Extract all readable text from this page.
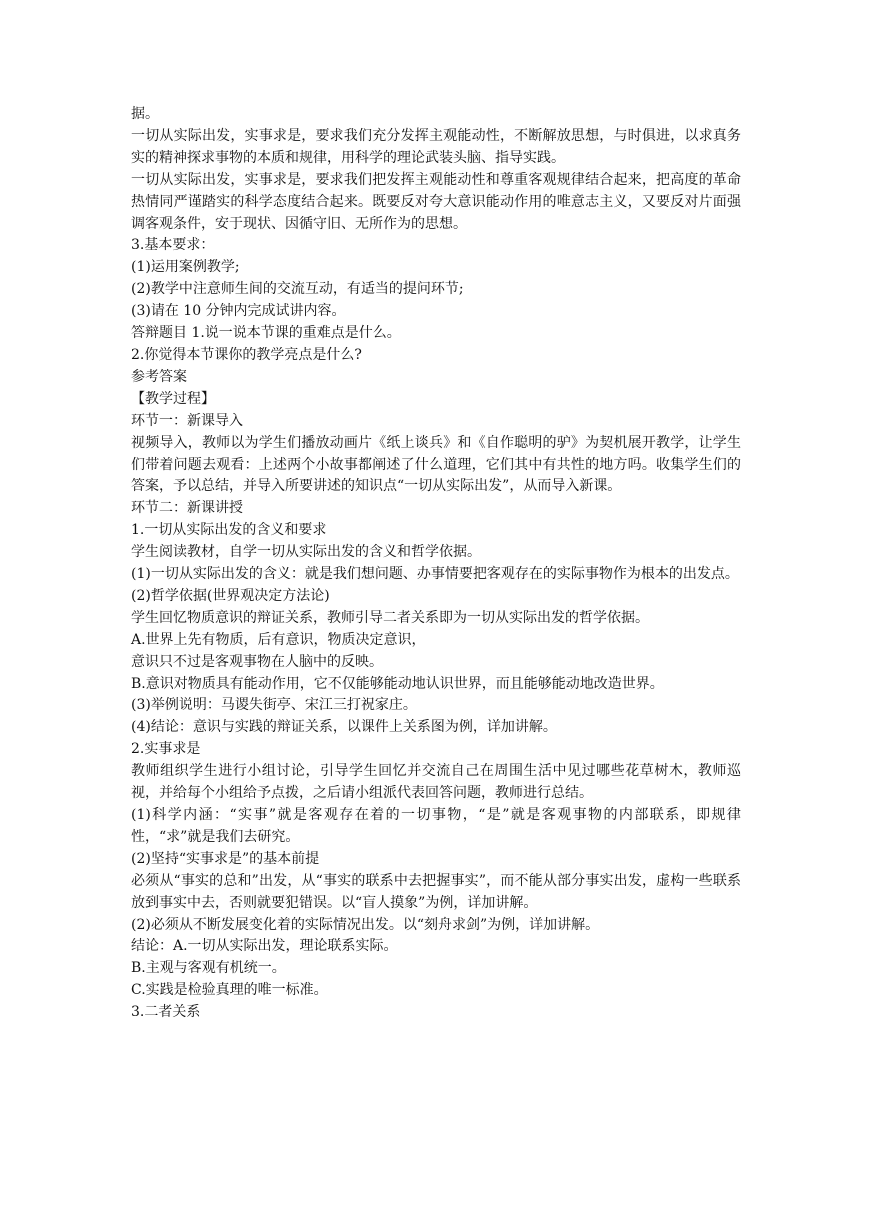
据。

一切从实际出发，实事求是，要求我们充分发挥主观能动性，不断解放思想，与时俱进，以求真务实的精神探求事物的本质和规律，用科学的理论武装头脑、指导实践。

一切从实际出发，实事求是，要求我们把发挥主观能动性和尊重客观规律结合起来，把高度的革命热情同严谨踏实的科学态度结合起来。既要反对夸大意识能动作用的唯意志主义，又要反对片面强调客观条件，安于现状、因循守旧、无所作为的思想。

3.基本要求：

(1)运用案例教学;

(2)教学中注意师生间的交流互动，有适当的提问环节;

(3)请在 10 分钟内完成试讲内容。

答辩题目 1.说一说本节课的重难点是什么。

2.你觉得本节课你的教学亮点是什么?

参考答案

【教学过程】

环节一：新课导入

视频导入，教师以为学生们播放动画片《纸上谈兵》和《自作聪明的驴》为契机展开教学，让学生们带着问题去观看：上述两个小故事都阐述了什么道理，它们其中有共性的地方吗。收集学生们的答案，予以总结，并导入所要讲述的知识点“一切从实际出发”，从而导入新课。

环节二：新课讲授

1.一切从实际出发的含义和要求

学生阅读教材，自学一切从实际出发的含义和哲学依据。

(1)一切从实际出发的含义：就是我们想问题、办事情要把客观存在的实际事物作为根本的出发点。

(2)哲学依据(世界观决定方法论)

学生回忆物质意识的辩证关系，教师引导二者关系即为一切从实际出发的哲学依据。

A.世界上先有物质，后有意识，物质决定意识，

意识只不过是客观事物在人脑中的反映。

B.意识对物质具有能动作用，它不仅能够能动地认识世界，而且能够能动地改造世界。

(3)举例说明：马谡失街亭、宋江三打祝家庄。

(4)结论：意识与实践的辩证关系，以课件上关系图为例，详加讲解。

2.实事求是

教师组织学生进行小组讨论，引导学生回忆并交流自己在周围生活中见过哪些花草树木，教师巡视，并给每个小组给予点拨，之后请小组派代表回答问题，教师进行总结。

(1)科学内涵：“实事”就是客观存在着的一切事物，“是”就是客观事物的内部联系，即规律性，“求”就是我们去研究。

(2)坚持“实事求是”的基本前提

必须从“事实的总和”出发，从“事实的联系中去把握事实”，而不能从部分事实出发，虚构一些联系放到事实中去，否则就要犯错误。以“盲人摸象”为例，详加讲解。

(2)必须从不断发展变化着的实际情况出发。以“刻舟求剑”为例，详加讲解。

结论：A.一切从实际出发，理论联系实际。

B.主观与客观有机统一。

C.实践是检验真理的唯一标准。

3.二者关系
